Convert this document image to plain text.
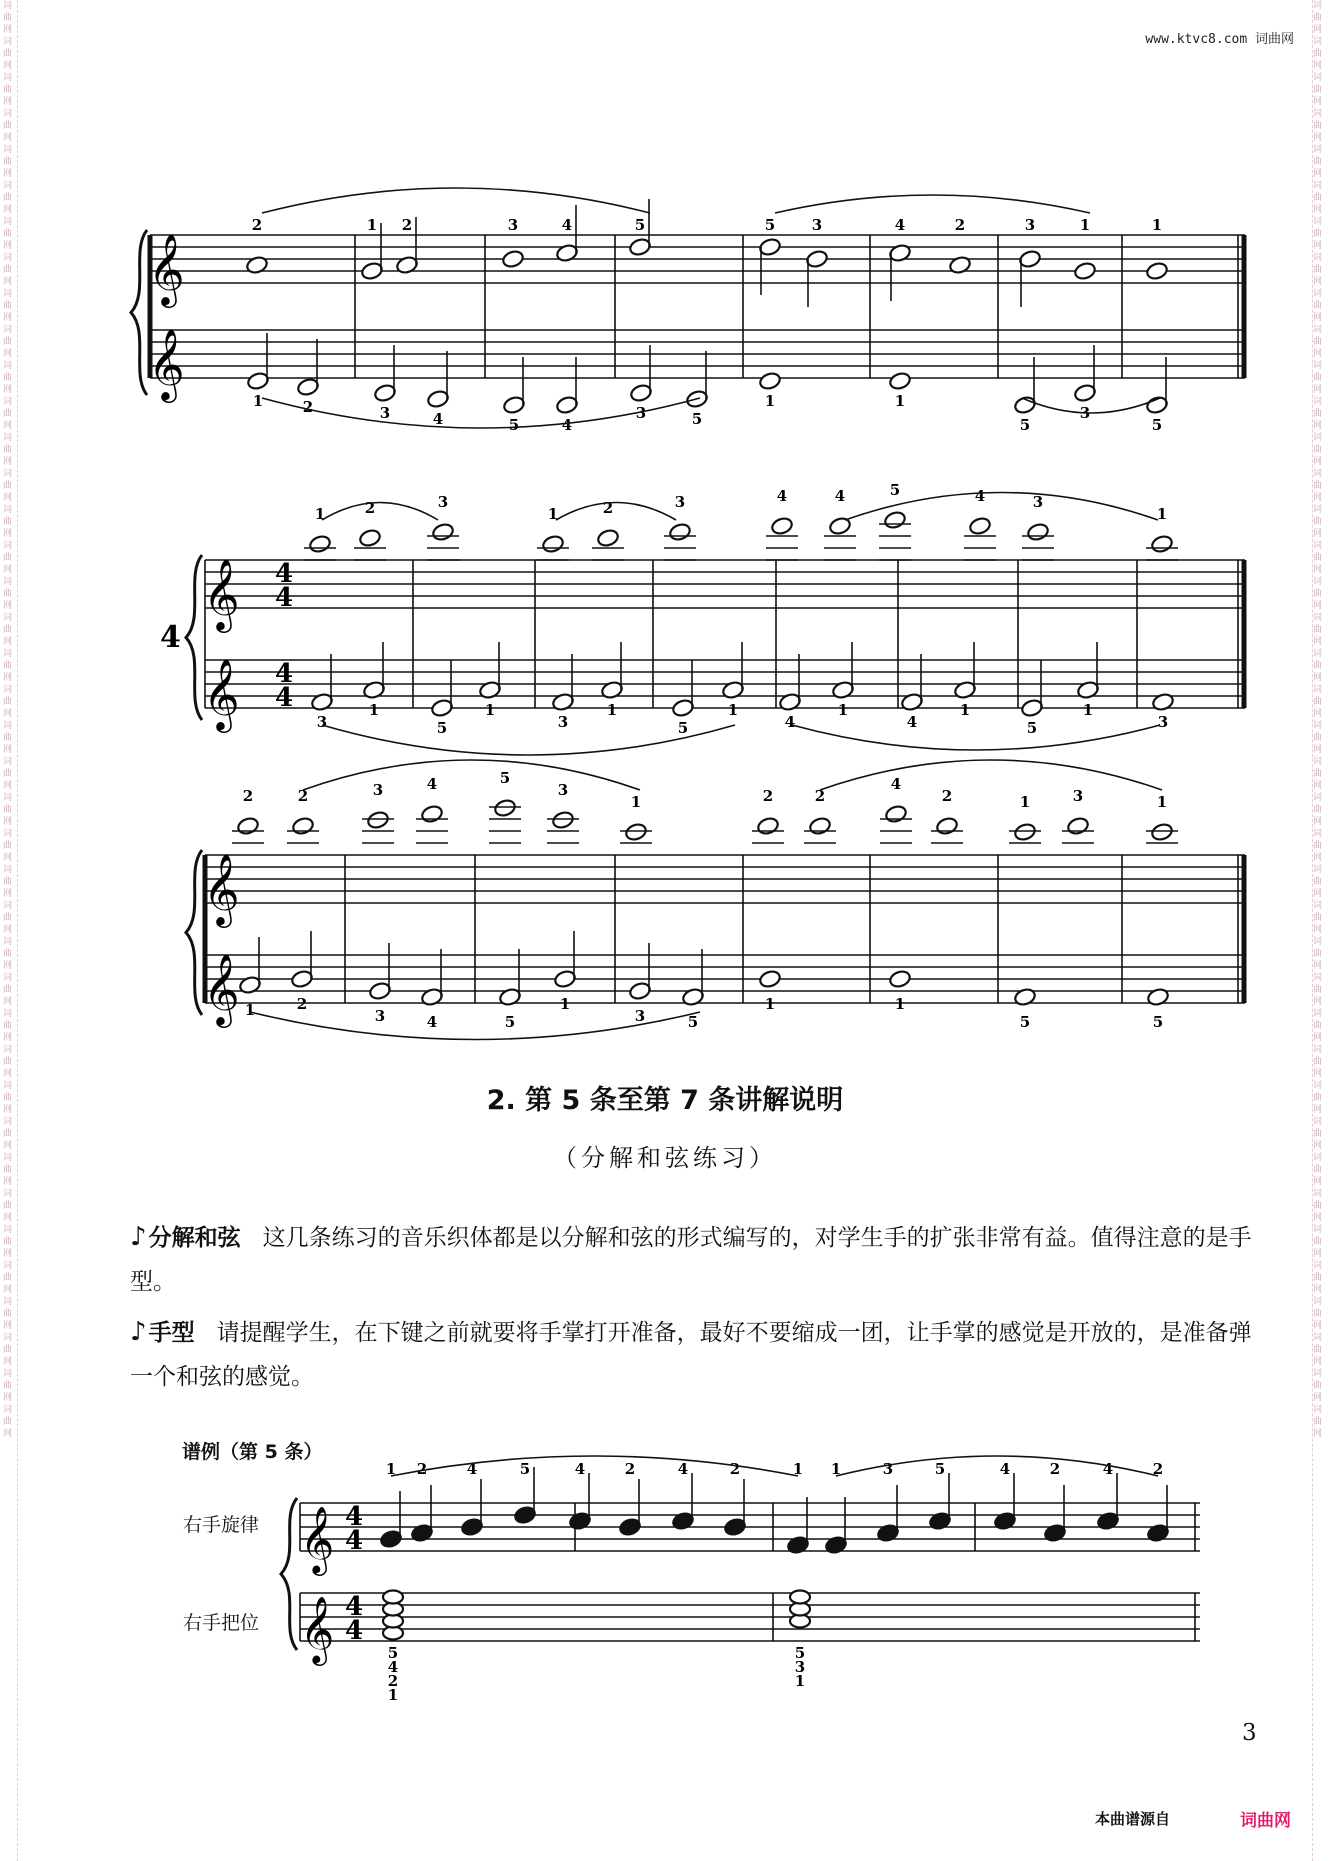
词曲网词曲网词曲网词曲网词曲网词曲网词曲网词曲网词曲网词曲网词曲网词曲网词曲网词曲网词曲网词曲网词曲网词曲网词曲网词曲网词曲网词曲网词曲网词曲网词曲网词曲网词曲网词曲网词曲网词曲网词曲网词曲网词曲网词曲网词曲网词曲网词曲网词曲网词曲网词曲网
词曲网词曲网词曲网词曲网词曲网词曲网词曲网词曲网词曲网词曲网词曲网词曲网词曲网词曲网词曲网词曲网词曲网词曲网词曲网词曲网词曲网词曲网词曲网词曲网词曲网词曲网词曲网词曲网词曲网词曲网词曲网词曲网词曲网词曲网词曲网词曲网词曲网词曲网词曲网词曲网
www.ktvc8.com 词曲网
𝄞
𝄞
2	1 2	3	4	5	5 3	4	2	3	1	1
1	2	3	4	5	4
3	5
1	1
5
3
5
𝄞
𝄞
4
4
4
4
1	2	3
1	2	3	4	4	5	4	3
1
3
1
5
1
3
1
5
1
4
1
4
1
5
1
3
4
𝄞
𝄞
2	2	3	4	5
3
1	2	2
4
2	1	3	1
1	2
3	4	5
1
3	5
1	1
5	5
𝄞
𝄞
4
4
4
4
1 2	4	5	4	2	4	2	1 1	3	5	4	2	4	2
5
4
2
1
5
3
1
2. 第 5 条至第 7 条讲解说明
（分解和弦练习）
♪分解和弦 这几条练习的音乐织体都是以分解和弦的形式编写的，对学生手的扩张非常有益。值得注意的是手型。
♪手型 请提醒学生，在下键之前就要将手掌打开准备，最好不要缩成一团，让手掌的感觉是开放的，是准备弹一个和弦的感觉。
谱例（第 5 条）
右手旋律
右手把位
3
本曲谱源自	词曲网
